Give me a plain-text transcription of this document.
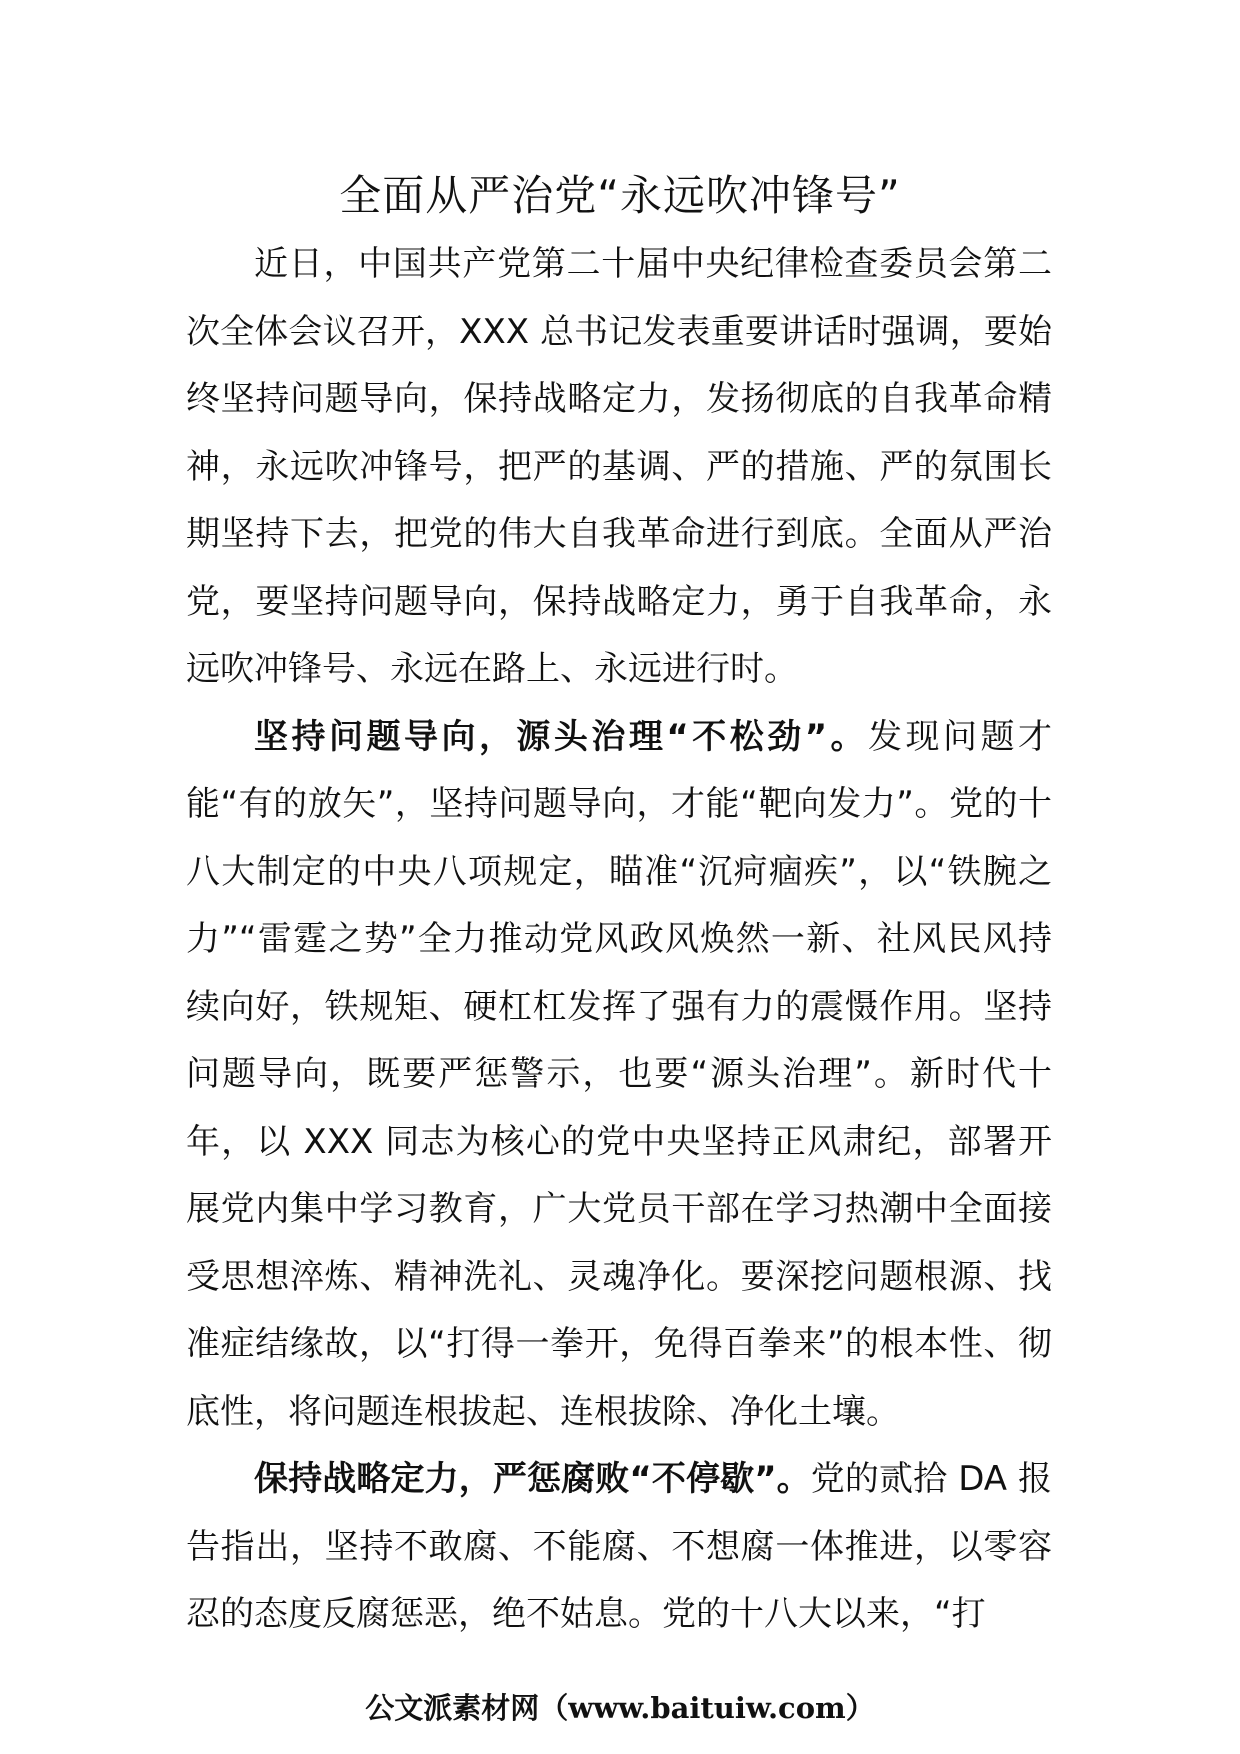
全面从严治党“永远吹冲锋号”

近日，中国共产党第二十届中央纪律检查委员会第二次全体会议召开，XXX 总书记发表重要讲话时强调，要始终坚持问题导向，保持战略定力，发扬彻底的自我革命精神，永远吹冲锋号，把严的基调、严的措施、严的氛围长期坚持下去，把党的伟大自我革命进行到底。全面从严治党，要坚持问题导向，保持战略定力，勇于自我革命，永远吹冲锋号、永远在路上、永远进行时。

坚持问题导向，源头治理“不松劲”。发现问题才能“有的放矢”，坚持问题导向，才能“靶向发力”。党的十八大制定的中央八项规定，瞄准“沉疴痼疾”，以“铁腕之力”“雷霆之势”全力推动党风政风焕然一新、社风民风持续向好，铁规矩、硬杠杠发挥了强有力的震慑作用。坚持问题导向，既要严惩警示，也要“源头治理”。新时代十年，以 XXX 同志为核心的党中央坚持正风肃纪，部署开展党内集中学习教育，广大党员干部在学习热潮中全面接受思想淬炼、精神洗礼、灵魂净化。要深挖问题根源、找准症结缘故，以“打得一拳开，免得百拳来”的根本性、彻底性，将问题连根拔起、连根拔除、净化土壤。

保持战略定力，严惩腐败“不停歇”。党的贰拾 DA 报告指出，坚持不敢腐、不能腐、不想腐一体推进，以零容忍的态度反腐惩恶，绝不姑息。党的十八大以来，“打

公文派素材网（www.baituiw.com）
